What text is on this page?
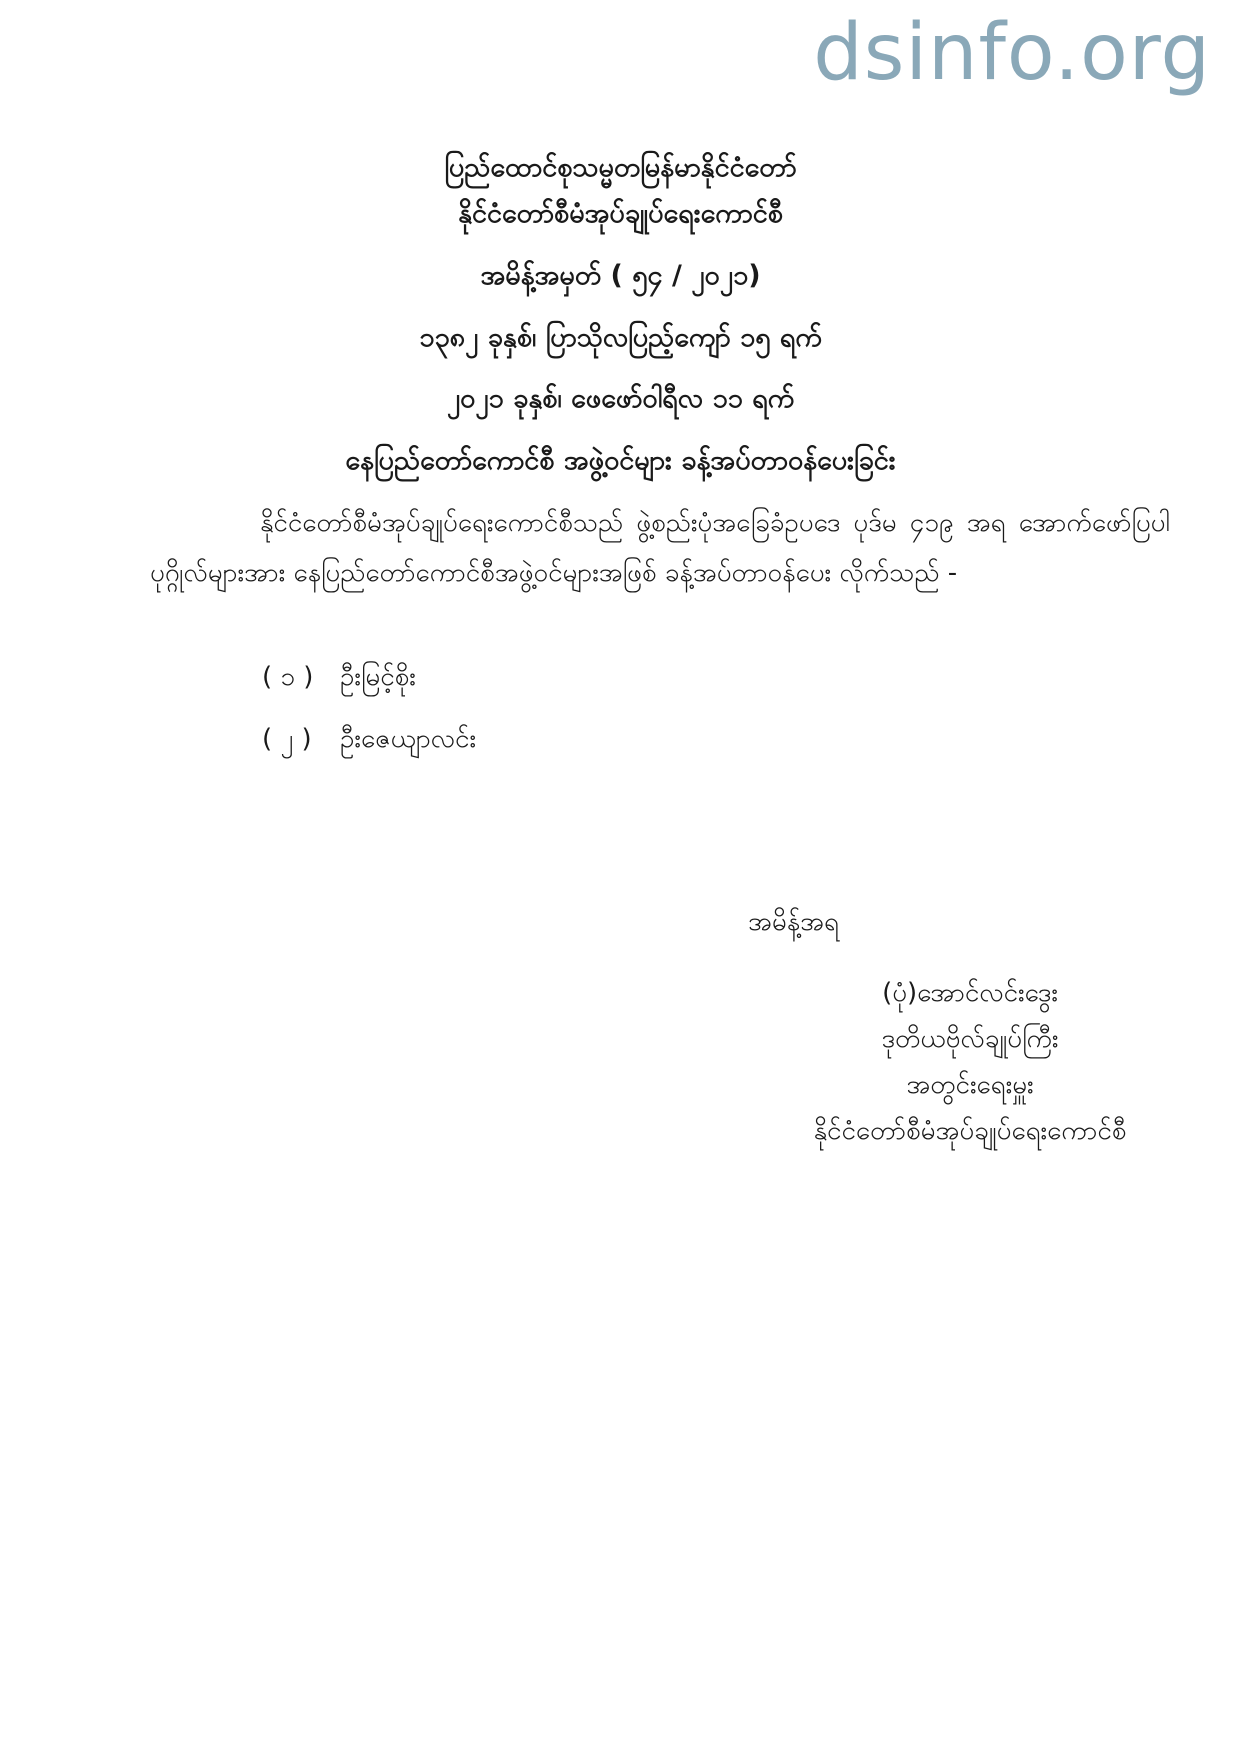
dsinfo.org
ပြည်ထောင်စုသမ္မတမြန်မာနိုင်ငံတော်
နိုင်ငံတော်စီမံအုပ်ချုပ်ရေးကောင်စီ
အမိန့်အမှတ် ( ၅၄ / ၂၀၂၁)
၁၃၈၂ ခုနှစ်၊ ပြာသိုလပြည့်ကျော် ၁၅ ရက်
၂၀၂၁ ခုနှစ်၊ ဖေဖော်ဝါရီလ ၁၁ ရက်
နေပြည်တော်ကောင်စီ အဖွဲ့ဝင်များ ခန့်အပ်တာဝန်ပေးခြင်း
နိုင်ငံတော်စီမံအုပ်ချုပ်ရေးကောင်စီသည် ဖွဲ့စည်းပုံအခြေခံဥပဒေ ပုဒ်မ ၄၁၉ အရ အောက်ဖော်ပြပါပုဂ္ဂိုလ်များအား နေပြည်တော်ကောင်စီအဖွဲ့ဝင်များအဖြစ် ခန့်အပ်တာဝန်ပေး လိုက်သည် -
( ၁ ) ဦးမြင့်စိုး
( ၂ ) ဦးဇေယျာလင်း
အမိန့်အရ
(ပုံ)အောင်လင်းဒွေး
ဒုတိယဗိုလ်ချုပ်ကြီး
အတွင်းရေးမှူး
နိုင်ငံတော်စီမံအုပ်ချုပ်ရေးကောင်စီ
